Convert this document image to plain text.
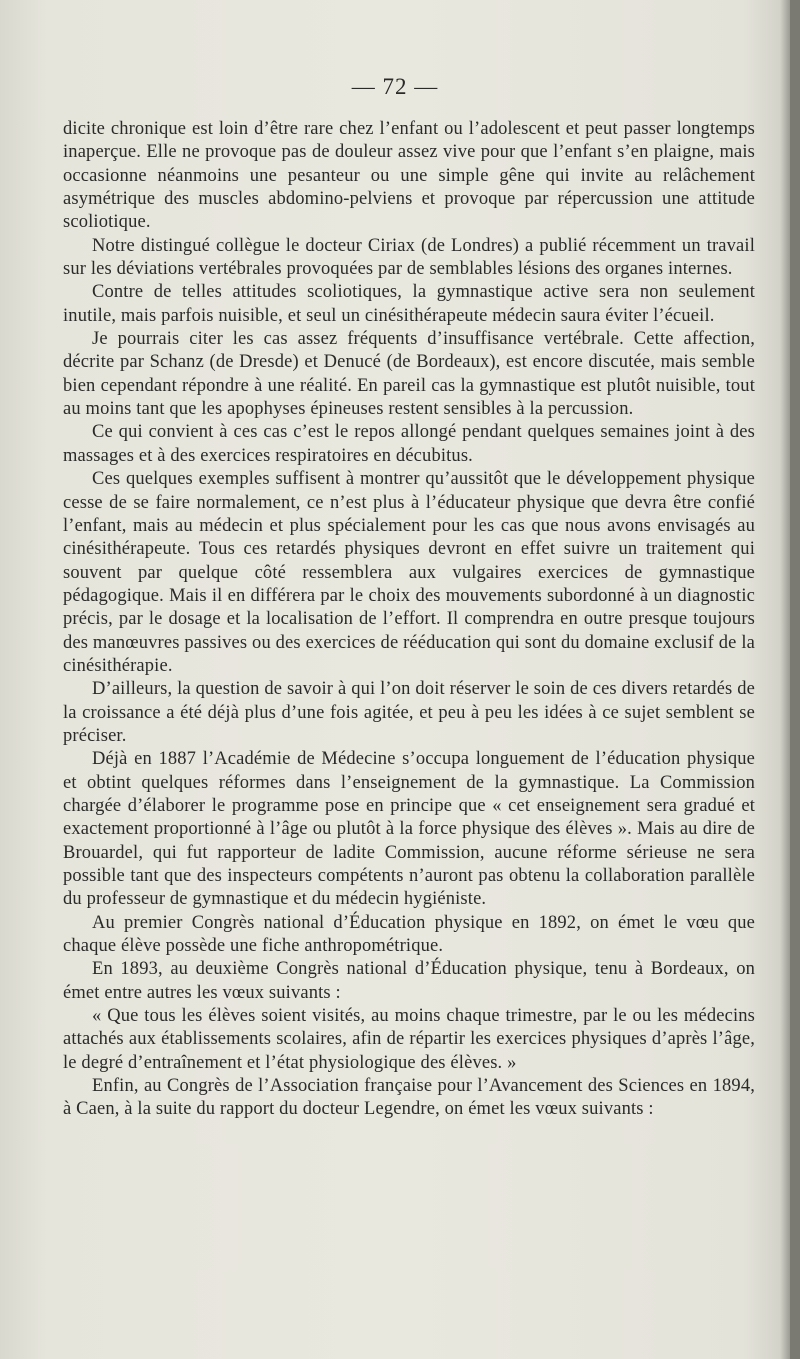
— 72 —

dicite chronique est loin d’être rare chez l’enfant ou l’adolescent et peut passer longtemps inaperçue. Elle ne provoque pas de douleur assez vive pour que l’enfant s’en plaigne, mais occasionne néanmoins une pesanteur ou une simple gêne qui invite au relâchement asymétrique des muscles abdomino-pelviens et provoque par répercussion une attitude scoliotique.

Notre distingué collègue le docteur Ciriax (de Londres) a publié récemment un travail sur les déviations vertébrales provoquées par de semblables lésions des organes internes.

Contre de telles attitudes scoliotiques, la gymnastique active sera non seulement inutile, mais parfois nuisible, et seul un cinésithérapeute médecin saura éviter l’écueil.

Je pourrais citer les cas assez fréquents d’insuffisance vertébrale. Cette affection, décrite par Schanz (de Dresde) et Denucé (de Bordeaux), est encore discutée, mais semble bien cependant répondre à une réalité. En pareil cas la gymnastique est plutôt nuisible, tout au moins tant que les apophyses épineuses restent sensibles à la percussion.

Ce qui convient à ces cas c’est le repos allongé pendant quelques semaines joint à des massages et à des exercices respiratoires en décubitus.

Ces quelques exemples suffisent à montrer qu’aussitôt que le développement physique cesse de se faire normalement, ce n’est plus à l’éducateur physique que devra être confié l’enfant, mais au médecin et plus spécialement pour les cas que nous avons envisagés au cinésithérapeute. Tous ces retardés physiques devront en effet suivre un traitement qui souvent par quelque côté ressemblera aux vulgaires exercices de gymnastique pédagogique. Mais il en différera par le choix des mouvements subordonné à un diagnostic précis, par le dosage et la localisation de l’effort. Il comprendra en outre presque toujours des manœuvres passives ou des exercices de rééducation qui sont du domaine exclusif de la cinésithérapie.

D’ailleurs, la question de savoir à qui l’on doit réserver le soin de ces divers retardés de la croissance a été déjà plus d’une fois agitée, et peu à peu les idées à ce sujet semblent se préciser.

Déjà en 1887 l’Académie de Médecine s’occupa longuement de l’éducation physique et obtint quelques réformes dans l’enseignement de la gymnastique. La Commission chargée d’élaborer le programme pose en principe que « cet enseignement sera gradué et exactement proportionné à l’âge ou plutôt à la force physique des élèves ». Mais au dire de Brouardel, qui fut rapporteur de ladite Commission, aucune réforme sérieuse ne sera possible tant que des inspecteurs compétents n’auront pas obtenu la collaboration parallèle du professeur de gymnastique et du médecin hygiéniste.

Au premier Congrès national d’Éducation physique en 1892, on émet le vœu que chaque élève possède une fiche anthropométrique.

En 1893, au deuxième Congrès national d’Éducation physique, tenu à Bordeaux, on émet entre autres les vœux suivants :

« Que tous les élèves soient visités, au moins chaque trimestre, par le ou les médecins attachés aux établissements scolaires, afin de répartir les exercices physiques d’après l’âge, le degré d’entraînement et l’état physiologique des élèves. »

Enfin, au Congrès de l’Association française pour l’Avancement des Sciences en 1894, à Caen, à la suite du rapport du docteur Legendre, on émet les vœux suivants :
